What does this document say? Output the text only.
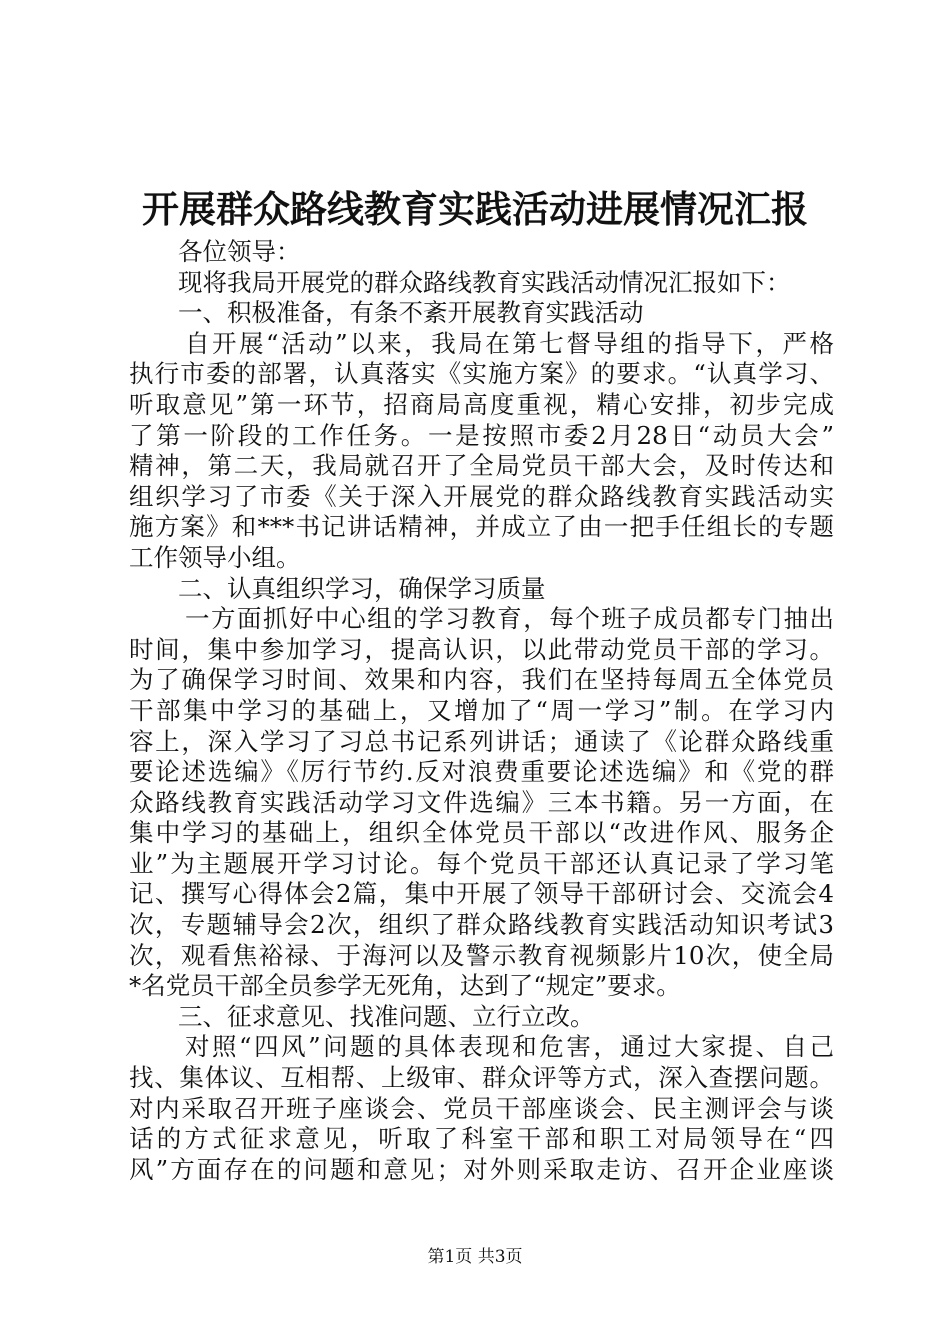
开展群众路线教育实践活动进展情况汇报
各位领导：
现将我局开展党的群众路线教育实践活动情况汇报如下：
一、积极准备，有条不紊开展教育实践活动
自开展“活动”以来，我局在第七督导组的指导下，严格
执行市委的部署，认真落实《实施方案》的要求。“认真学习、
听取意见”第一环节，招商局高度重视，精心安排，初步完成
了第一阶段的工作任务。一是按照市委2月28日“动员大会”
精神，第二天，我局就召开了全局党员干部大会，及时传达和
组织学习了市委《关于深入开展党的群众路线教育实践活动实
施方案》和***书记讲话精神，并成立了由一把手任组长的专题
工作领导小组。
二、认真组织学习，确保学习质量
一方面抓好中心组的学习教育，每个班子成员都专门抽出
时间，集中参加学习，提高认识，以此带动党员干部的学习。
为了确保学习时间、效果和内容，我们在坚持每周五全体党员
干部集中学习的基础上，又增加了“周一学习”制。在学习内
容上，深入学习了习总书记系列讲话；通读了《论群众路线重
要论述选编》《厉行节约.反对浪费重要论述选编》和《党的群
众路线教育实践活动学习文件选编》三本书籍。另一方面，在
集中学习的基础上，组织全体党员干部以“改进作风、服务企
业”为主题展开学习讨论。每个党员干部还认真记录了学习笔
记、撰写心得体会2篇，集中开展了领导干部研讨会、交流会4
次，专题辅导会2次，组织了群众路线教育实践活动知识考试3
次，观看焦裕禄、于海河以及警示教育视频影片10次，使全局
*名党员干部全员参学无死角，达到了“规定”要求。
三、征求意见、找准问题、立行立改。
对照“四风”问题的具体表现和危害，通过大家提、自己
找、集体议、互相帮、上级审、群众评等方式，深入查摆问题。
对内采取召开班子座谈会、党员干部座谈会、民主测评会与谈
话的方式征求意见，听取了科室干部和职工对局领导在“四
风”方面存在的问题和意见；对外则采取走访、召开企业座谈
第1页 共3页
